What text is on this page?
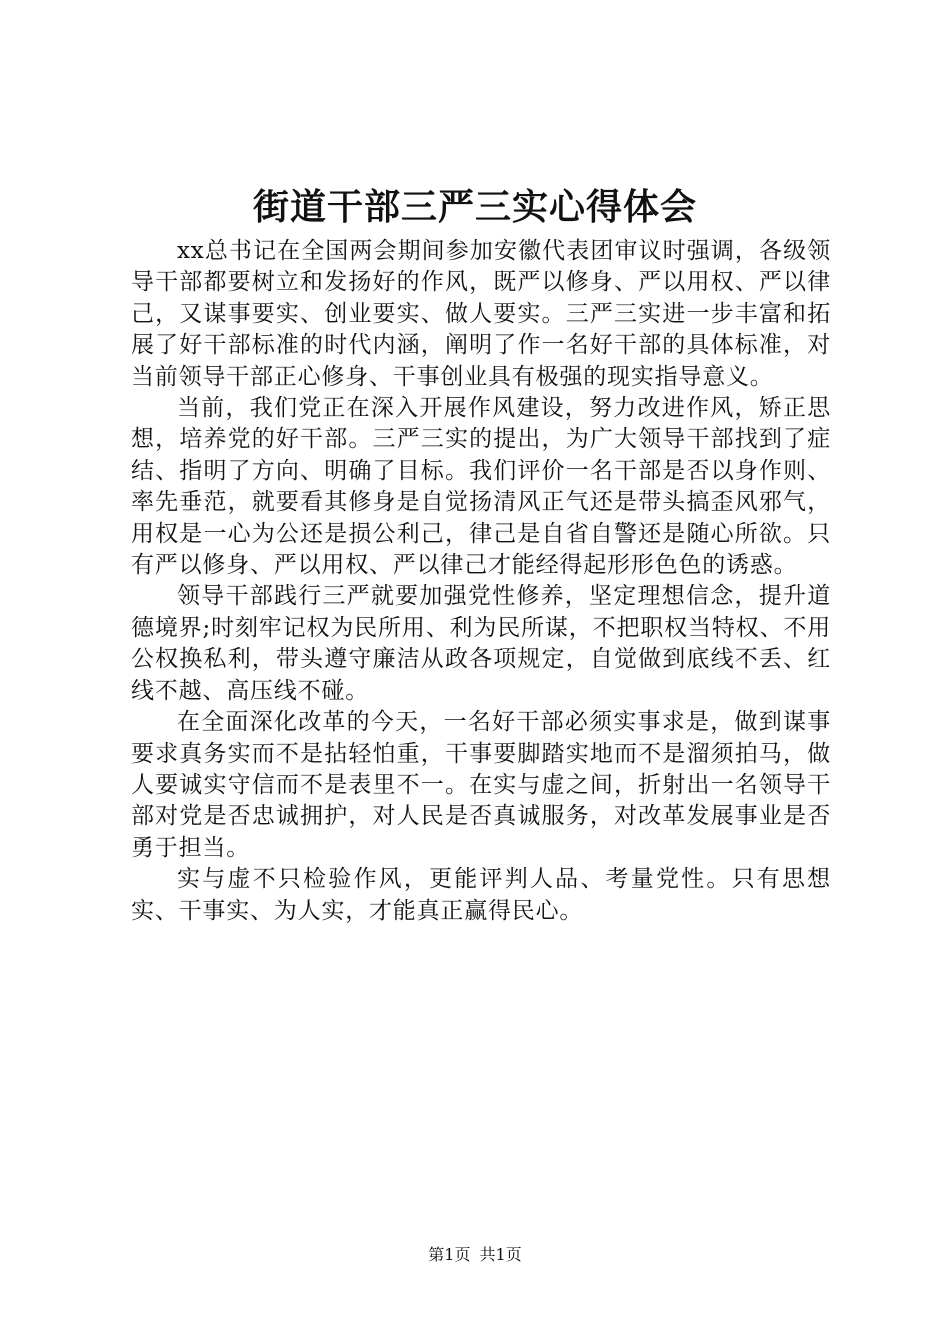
街道干部三严三实心得体会

xx总书记在全国两会期间参加安徽代表团审议时强调，各级领导干部都要树立和发扬好的作风，既严以修身、严以用权、严以律己，又谋事要实、创业要实、做人要实。三严三实进一步丰富和拓展了好干部标准的时代内涵，阐明了作一名好干部的具体标准，对当前领导干部正心修身、干事创业具有极强的现实指导意义。

当前，我们党正在深入开展作风建设，努力改进作风，矫正思想，培养党的好干部。三严三实的提出，为广大领导干部找到了症结、指明了方向、明确了目标。我们评价一名干部是否以身作则、率先垂范，就要看其修身是自觉扬清风正气还是带头搞歪风邪气，用权是一心为公还是损公利己，律己是自省自警还是随心所欲。只有严以修身、严以用权、严以律己才能经得起形形色色的诱惑。

领导干部践行三严就要加强党性修养，坚定理想信念，提升道德境界;时刻牢记权为民所用、利为民所谋，不把职权当特权、不用公权换私利，带头遵守廉洁从政各项规定，自觉做到底线不丢、红线不越、高压线不碰。

在全面深化改革的今天，一名好干部必须实事求是，做到谋事要求真务实而不是拈轻怕重，干事要脚踏实地而不是溜须拍马，做人要诚实守信而不是表里不一。在实与虚之间，折射出一名领导干部对党是否忠诚拥护，对人民是否真诚服务，对改革发展事业是否勇于担当。

实与虚不只检验作风，更能评判人品、考量党性。只有思想实、干事实、为人实，才能真正赢得民心。

第1页 共1页
